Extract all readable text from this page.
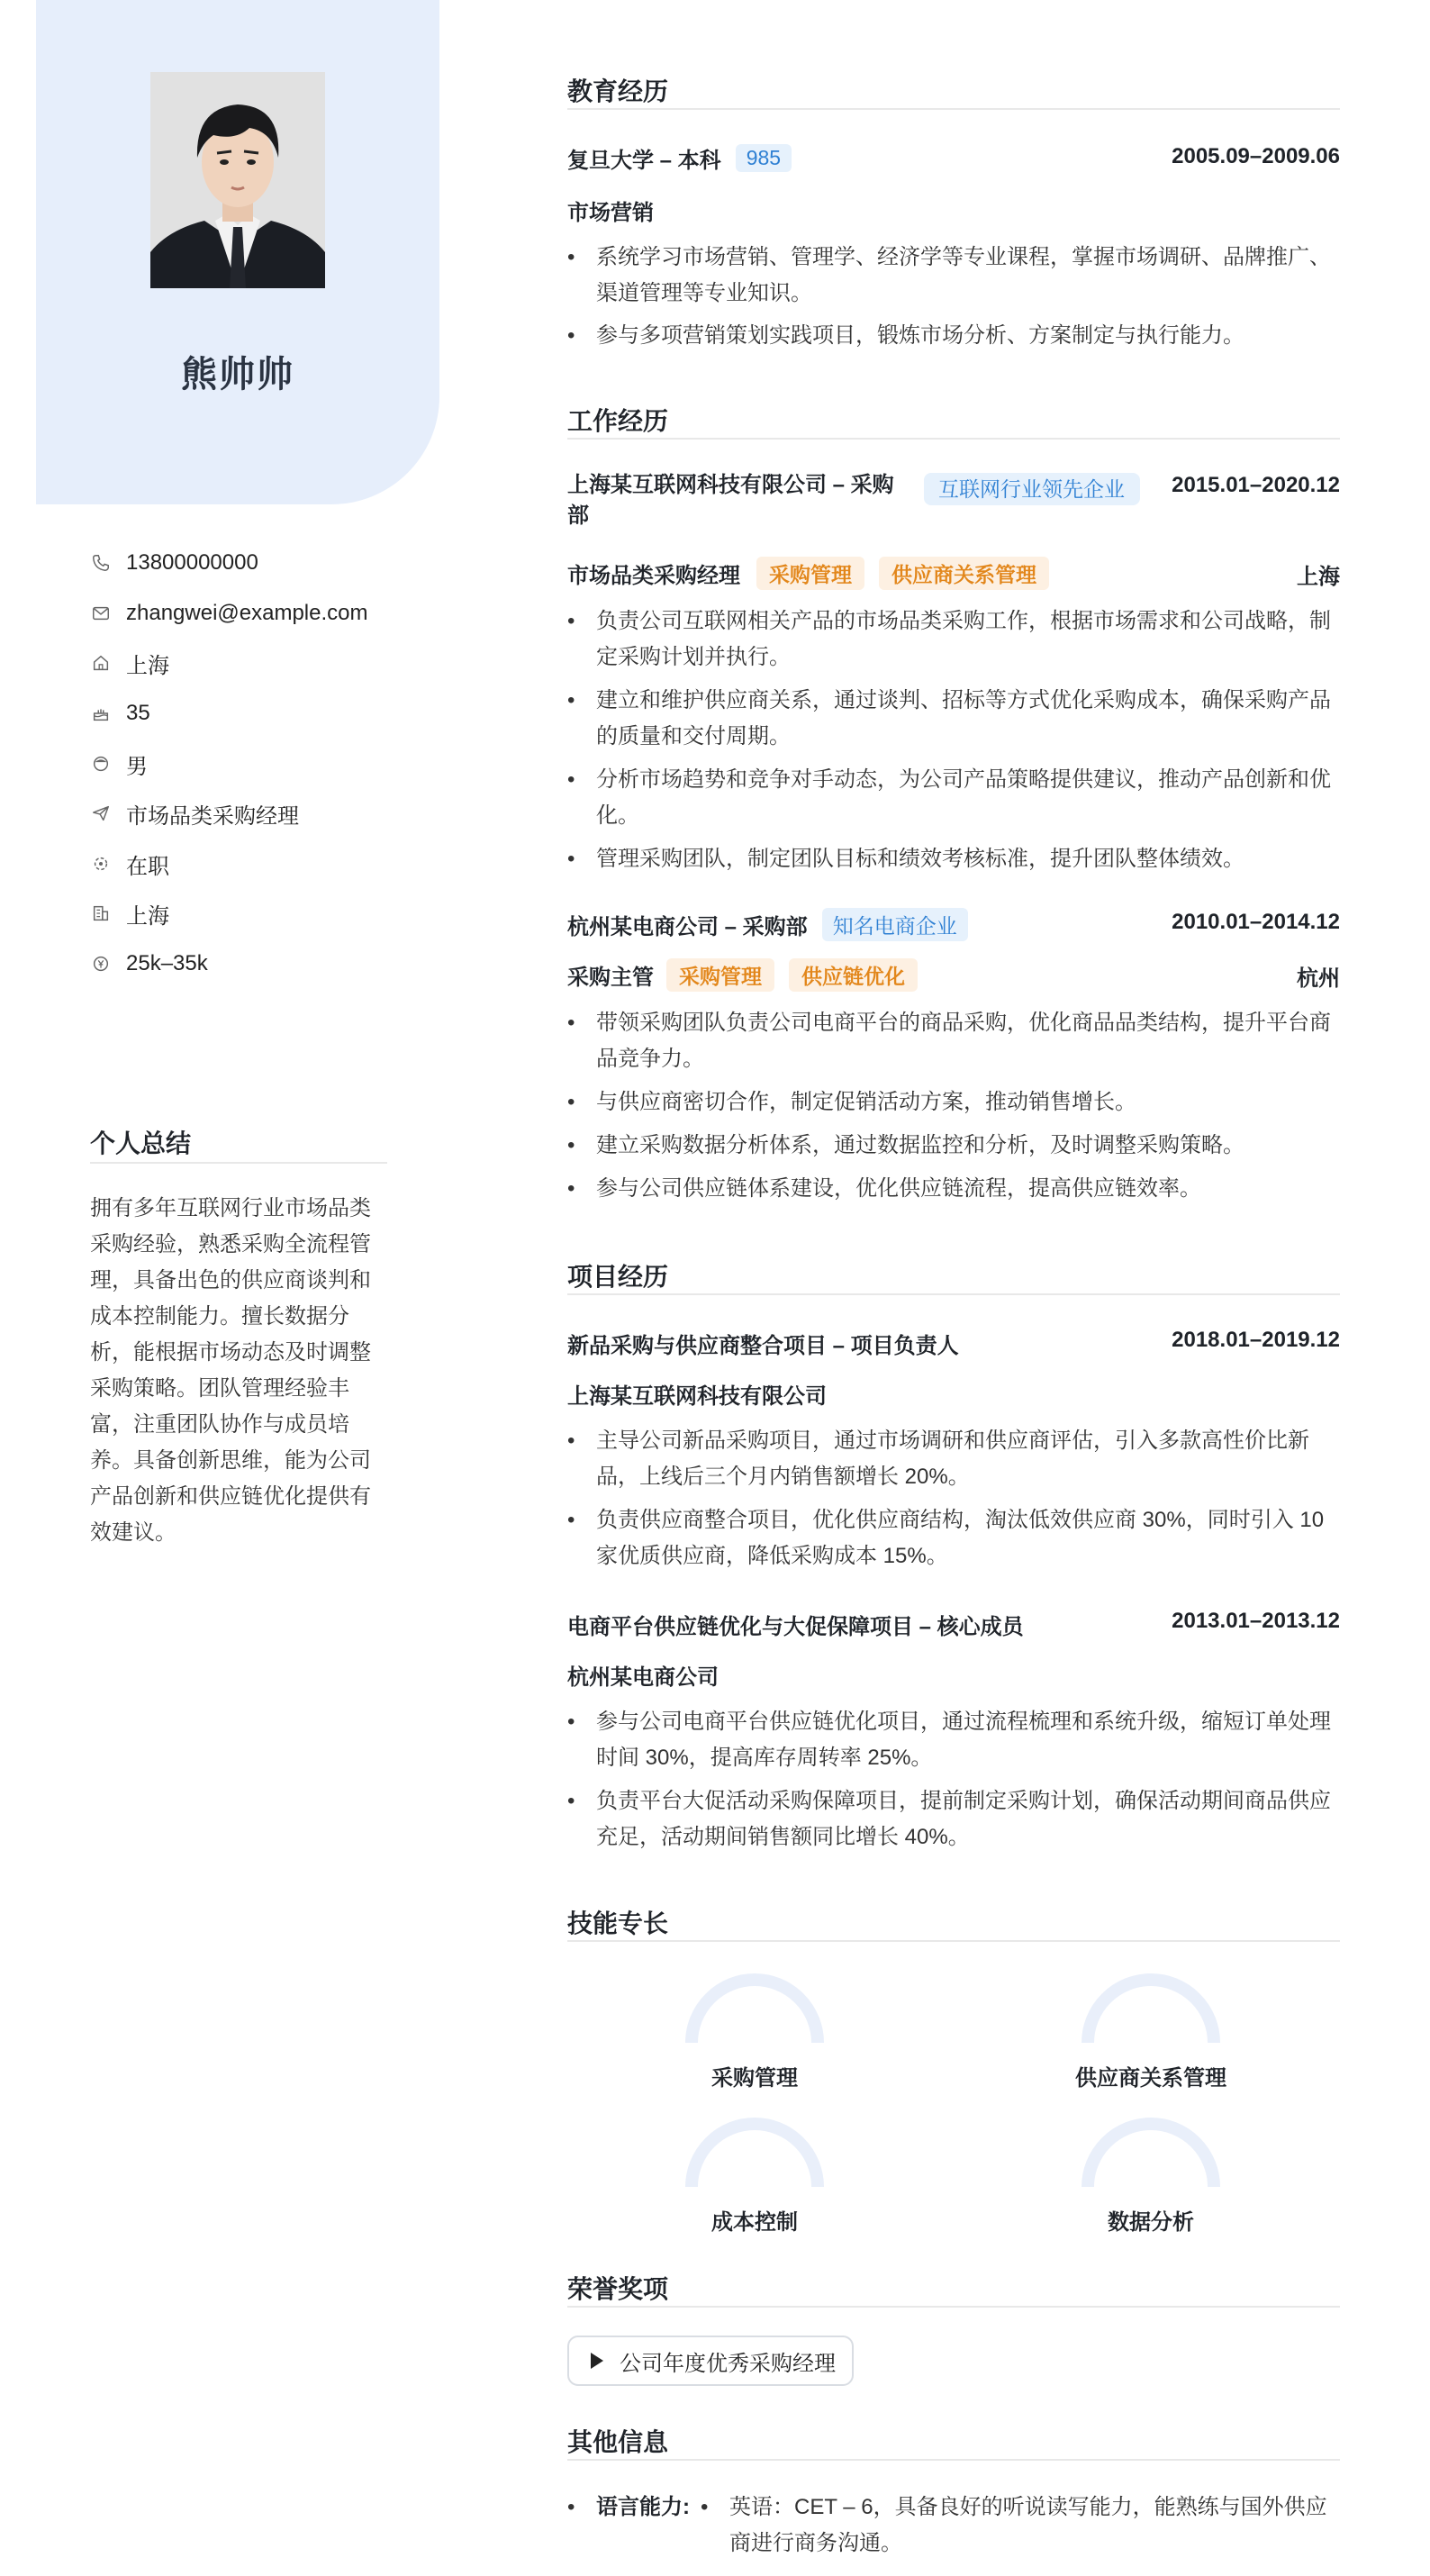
熊帅帅
13800000000
zhangwei@example.com
上海
35
男
市场品类采购经理
在职
上海
25k–35k
个人总结
拥有多年互联网行业市场品类采购经验，熟悉采购全流程管理，具备出色的供应商谈判和成本控制能力。擅长数据分析，能根据市场动态及时调整采购策略。团队管理经验丰富，注重团队协作与成员培养。具备创新思维，能为公司产品创新和供应链优化提供有效建议。
教育经历
复旦大学 – 本科	985	2005.09–2009.06
市场营销
• 系统学习市场营销、管理学、经济学等专业课程，掌握市场调研、品牌推广、渠道管理等专业知识。
• 参与多项营销策划实践项目，锻炼市场分析、方案制定与执行能力。
工作经历
上海某互联网科技有限公司 – 采购部
互联网行业领先企业	2015.01–2020.12
市场品类采购经理	采购管理	供应商关系管理	上海
• 负责公司互联网相关产品的市场品类采购工作，根据市场需求和公司战略，制定采购计划并执行。
• 建立和维护供应商关系，通过谈判、招标等方式优化采购成本，确保采购产品的质量和交付周期。
• 分析市场趋势和竞争对手动态，为公司产品策略提供建议，推动产品创新和优化。
• 管理采购团队，制定团队目标和绩效考核标准，提升团队整体绩效。
杭州某电商公司 – 采购部	知名电商企业	2010.01–2014.12
采购主管	采购管理	供应链优化	杭州
• 带领采购团队负责公司电商平台的商品采购，优化商品品类结构，提升平台商品竞争力。
• 与供应商密切合作，制定促销活动方案，推动销售增长。
• 建立采购数据分析体系，通过数据监控和分析，及时调整采购策略。
• 参与公司供应链体系建设，优化供应链流程，提高供应链效率。
项目经历
新品采购与供应商整合项目 – 项目负责人	2018.01–2019.12
上海某互联网科技有限公司
• 主导公司新品采购项目，通过市场调研和供应商评估，引入多款高性价比新品，上线后三个月内销售额增长 20%。
• 负责供应商整合项目，优化供应商结构，淘汰低效供应商 30%，同时引入 10 家优质供应商，降低采购成本 15%。
电商平台供应链优化与大促保障项目 – 核心成员	2013.01–2013.12
杭州某电商公司
• 参与公司电商平台供应链优化项目，通过流程梳理和系统升级，缩短订单处理时间 30%，提高库存周转率 25%。
• 负责平台大促活动采购保障项目，提前制定采购计划，确保活动期间商品供应充足，活动期间销售额同比增长 40%。
技能专长
采购管理	供应商关系管理
成本控制	数据分析
荣誉奖项
公司年度优秀采购经理
其他信息
• 语言能力: • 英语：CET – 6，具备良好的听说读写能力，能熟练与国外供应商进行商务沟通。
